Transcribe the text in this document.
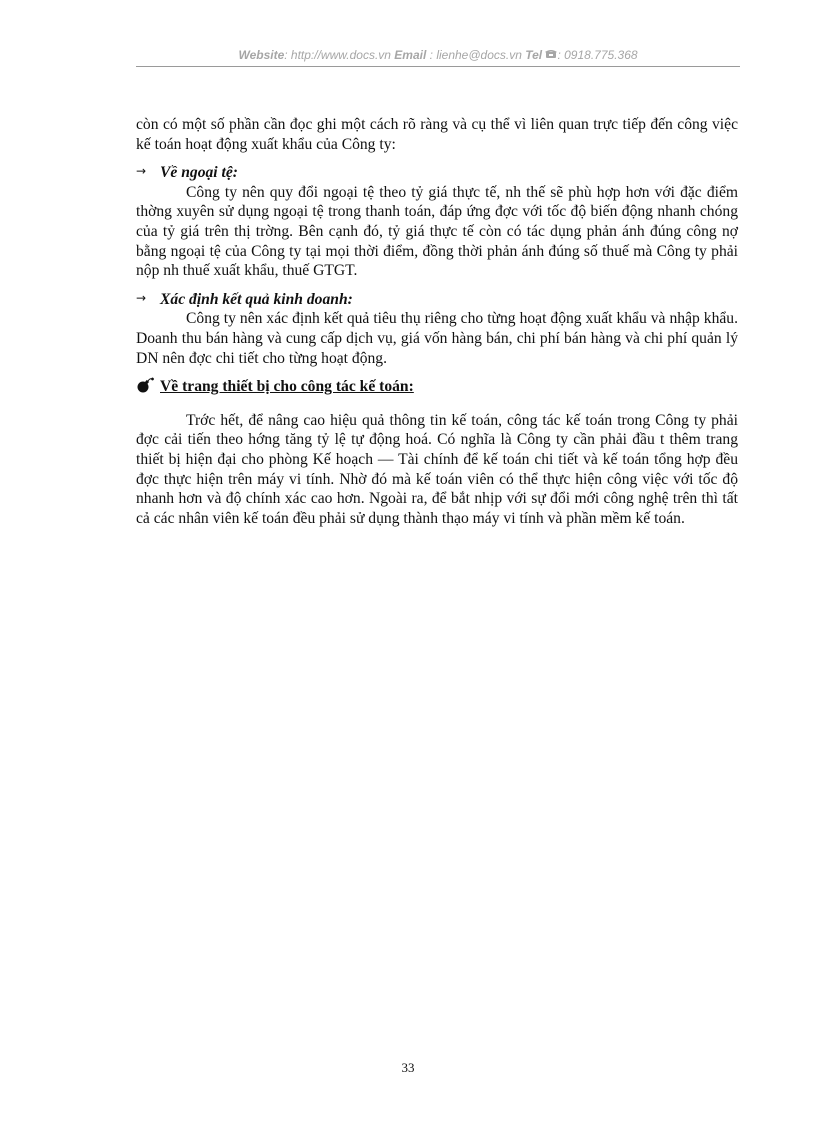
Website: http://www.docs.vn Email : lienhe@docs.vn Tel : 0918.775.368

còn có một số phần cần đọc ghi một cách rõ ràng và cụ thể vì liên quan trực tiếp đến công việc kế toán hoạt động xuất khẩu của Công ty:

→ Về ngoại tệ:

Công ty nên quy đổi ngoại tệ theo tỷ giá thực tế, nh thế sẽ phù hợp hơn với đặc điểm thờng xuyên sử dụng ngoại tệ trong thanh toán, đáp ứng đợc với tốc độ biến động nhanh chóng của tỷ giá trên thị trờng. Bên cạnh đó, tỷ giá thực tế còn có tác dụng phản ánh đúng công nợ bằng ngoại tệ của Công ty tại mọi thời điểm, đồng thời phản ánh đúng số thuế mà Công ty phải nộp nh thuế xuất khẩu, thuế GTGT.

→ Xác định kết quả kinh doanh:

Công ty nên xác định kết quả tiêu thụ riêng cho từng hoạt động xuất khẩu và nhập khẩu. Doanh thu bán hàng và cung cấp dịch vụ, giá vốn hàng bán, chi phí bán hàng và chi phí quản lý DN nên đợc chi tiết cho từng hoạt động.

Về trang thiết bị cho công tác kế toán:

Trớc hết, để nâng cao hiệu quả thông tin kế toán, công tác kế toán trong Công ty phải đợc cải tiến theo hớng tăng tỷ lệ tự động hoá. Có nghĩa là Công ty cần phải đầu t thêm trang thiết bị hiện đại cho phòng Kế hoạch — Tài chính để kế toán chi tiết và kế toán tổng hợp đều đợc thực hiện trên máy vi tính. Nhờ đó mà kế toán viên có thể thực hiện công việc với tốc độ nhanh hơn và độ chính xác cao hơn. Ngoài ra, để bắt nhịp với sự đổi mới công nghệ trên thì tất cả các nhân viên kế toán đều phải sử dụng thành thạo máy vi tính và phần mềm kế toán.

33
